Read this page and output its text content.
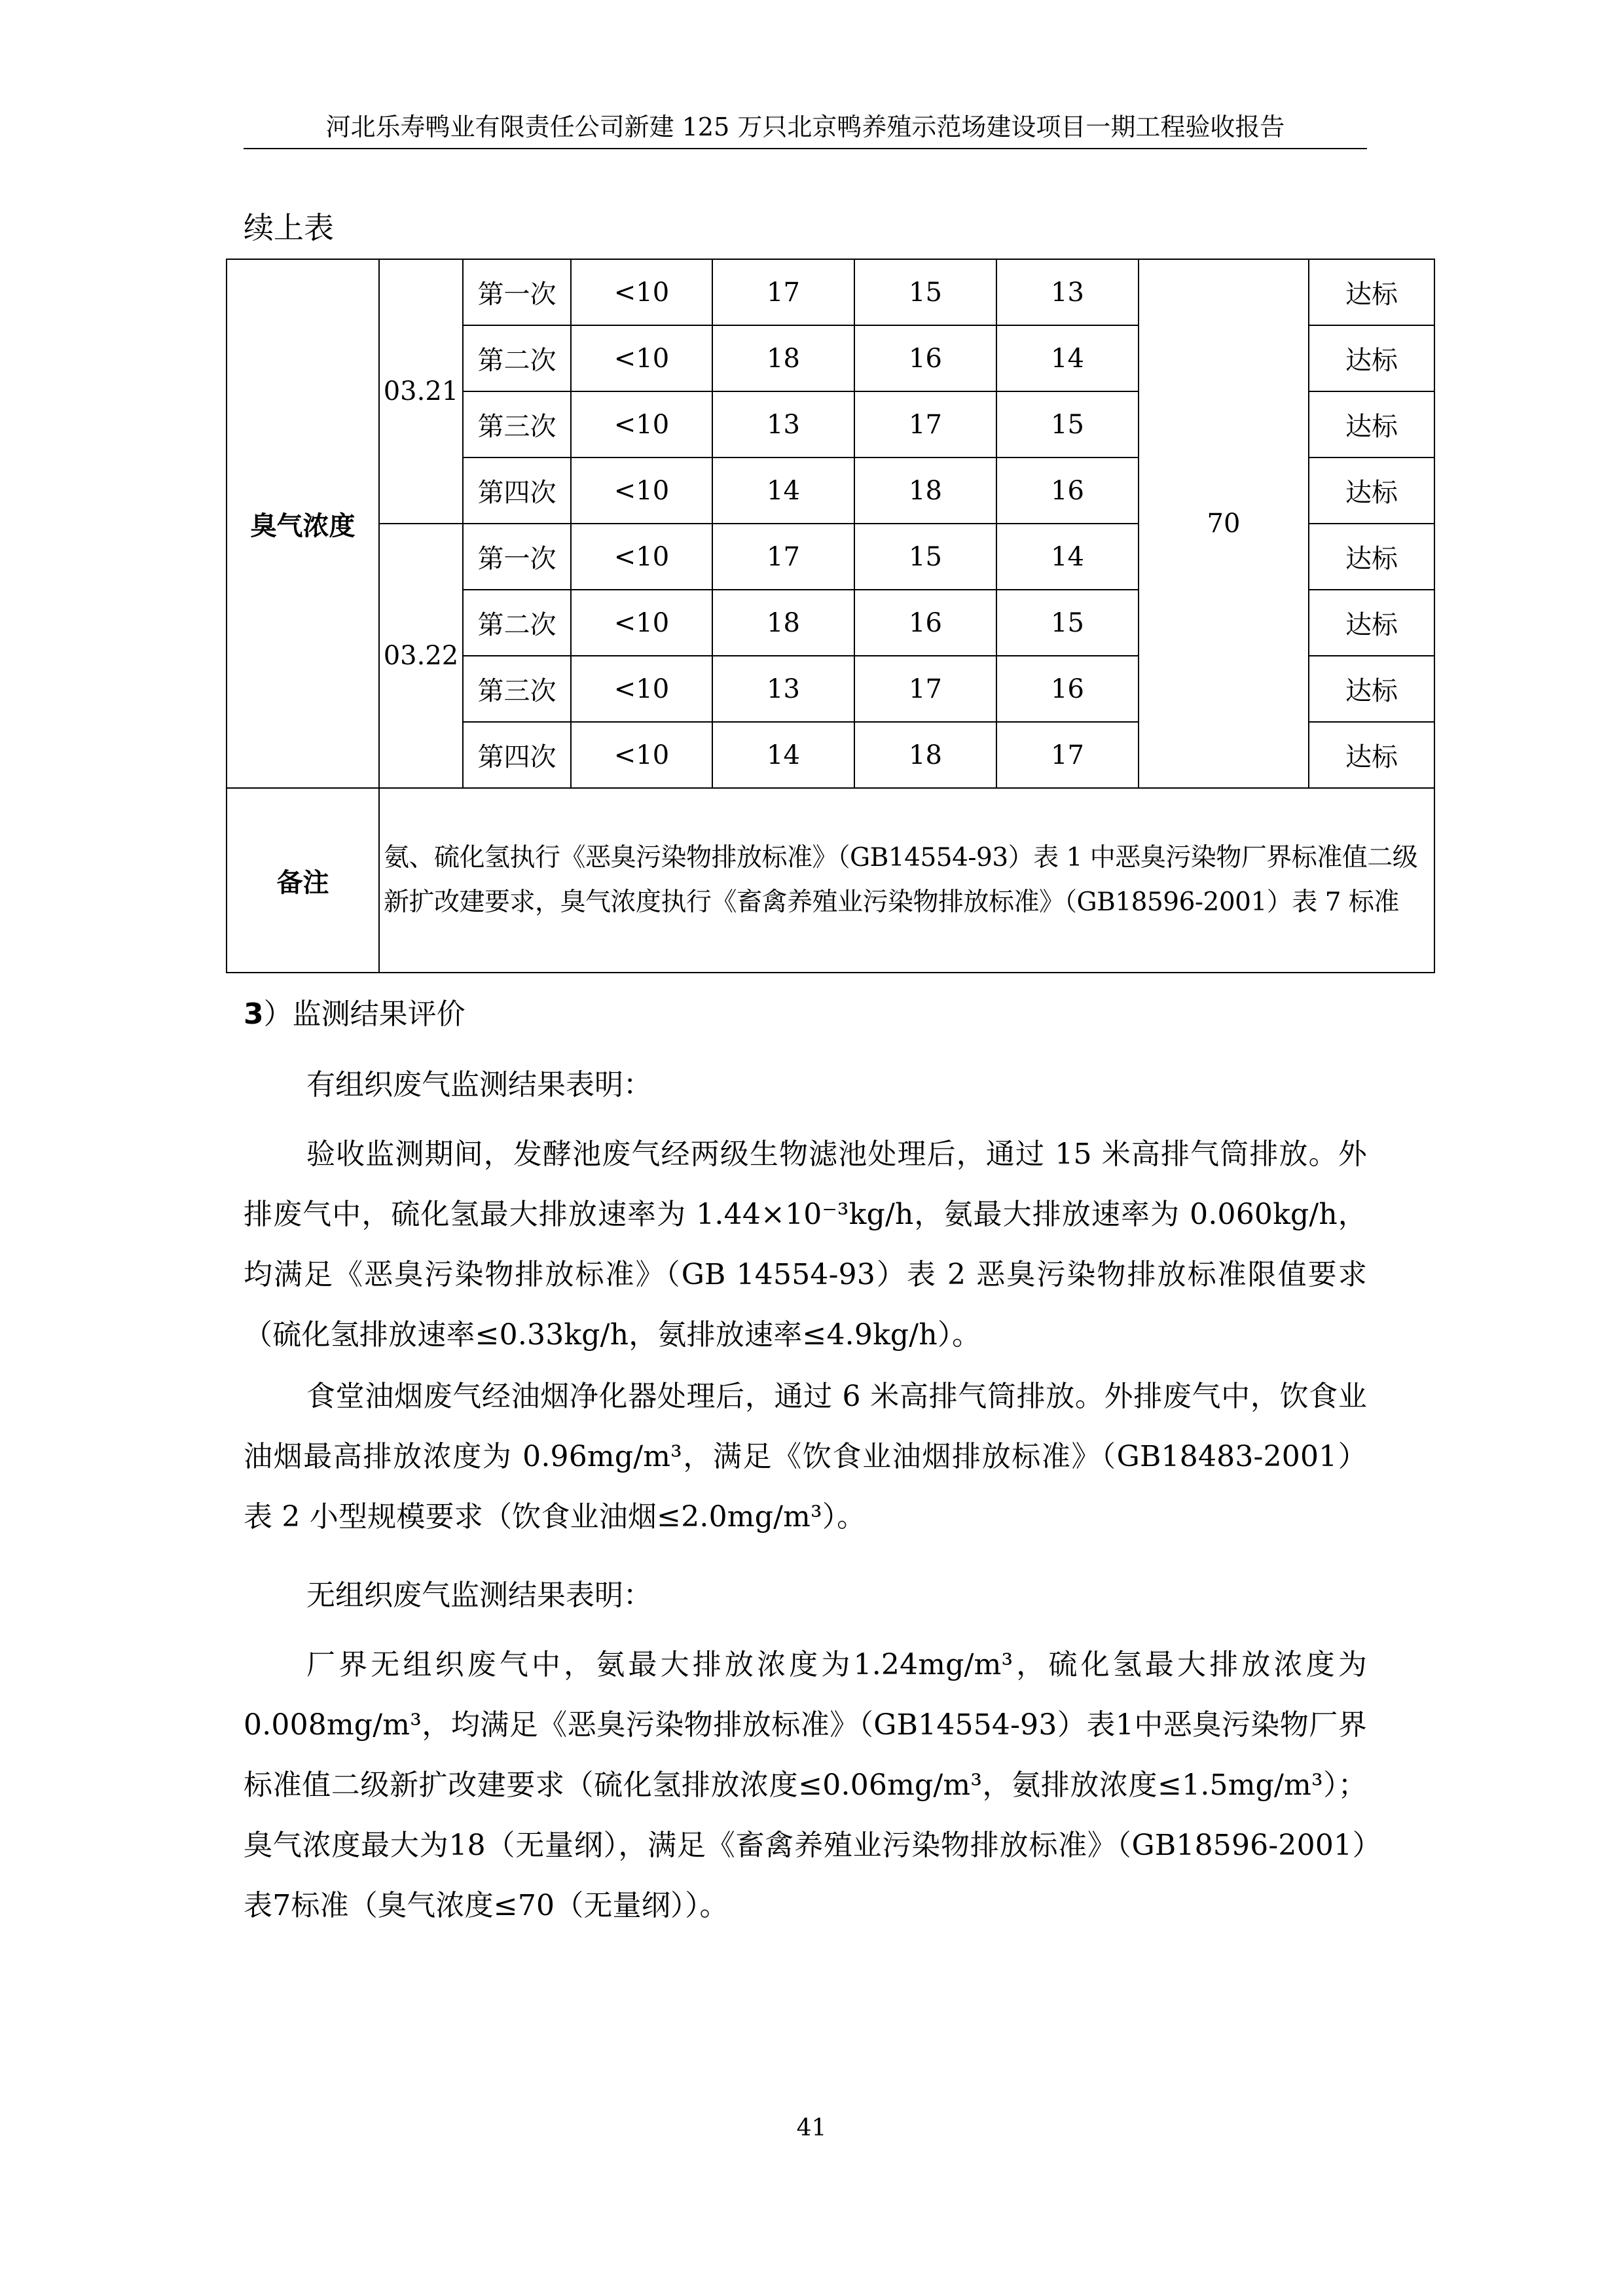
河北乐寿鸭业有限责任公司新建 125 万只北京鸭养殖示范场建设项目一期工程验收报告
续上表
臭气浓度	03.21	第一次	<10	17	15	13	70	达标
		第二次	<10	18	16	14		达标
		第三次	<10	13	17	15		达标
		第四次	<10	14	18	16		达标
	03.22	第一次	<10	17	15	14		达标
		第二次	<10	18	16	15		达标
		第三次	<10	13	17	16		达标
		第四次	<10	14	18	17		达标
备注	氨、硫化氢执行《恶臭污染物排放标准》（GB14554-93）表 1 中恶臭污染物厂界标准值二级新扩改建要求，臭气浓度执行《畜禽养殖业污染物排放标准》（GB18596-2001）表 7 标准							
3）监测结果评价
有组织废气监测结果表明：
验收监测期间，发酵池废气经两级生物滤池处理后，通过 15 米高排气筒排放。外排废气中，硫化氢最大排放速率为 1.44×10⁻³kg/h，氨最大排放速率为 0.060kg/h，均满足《恶臭污染物排放标准》（GB 14554-93）表 2 恶臭污染物排放标准限值要求（硫化氢排放速率≤0.33kg/h，氨排放速率≤4.9kg/h）。
食堂油烟废气经油烟净化器处理后，通过 6 米高排气筒排放。外排废气中，饮食业油烟最高排放浓度为 0.96mg/m³，满足《饮食业油烟排放标准》（GB18483-2001）表 2 小型规模要求（饮食业油烟≤2.0mg/m³）。
无组织废气监测结果表明：
厂界无组织废气中，氨最大排放浓度为1.24mg/m³，硫化氢最大排放浓度为0.008mg/m³，均满足《恶臭污染物排放标准》（GB14554-93）表1中恶臭污染物厂界标准值二级新扩改建要求（硫化氢排放浓度≤0.06mg/m³，氨排放浓度≤1.5mg/m³）；臭气浓度最大为18（无量纲），满足《畜禽养殖业污染物排放标准》（GB18596-2001）表7标准（臭气浓度≤70（无量纲））。
41
